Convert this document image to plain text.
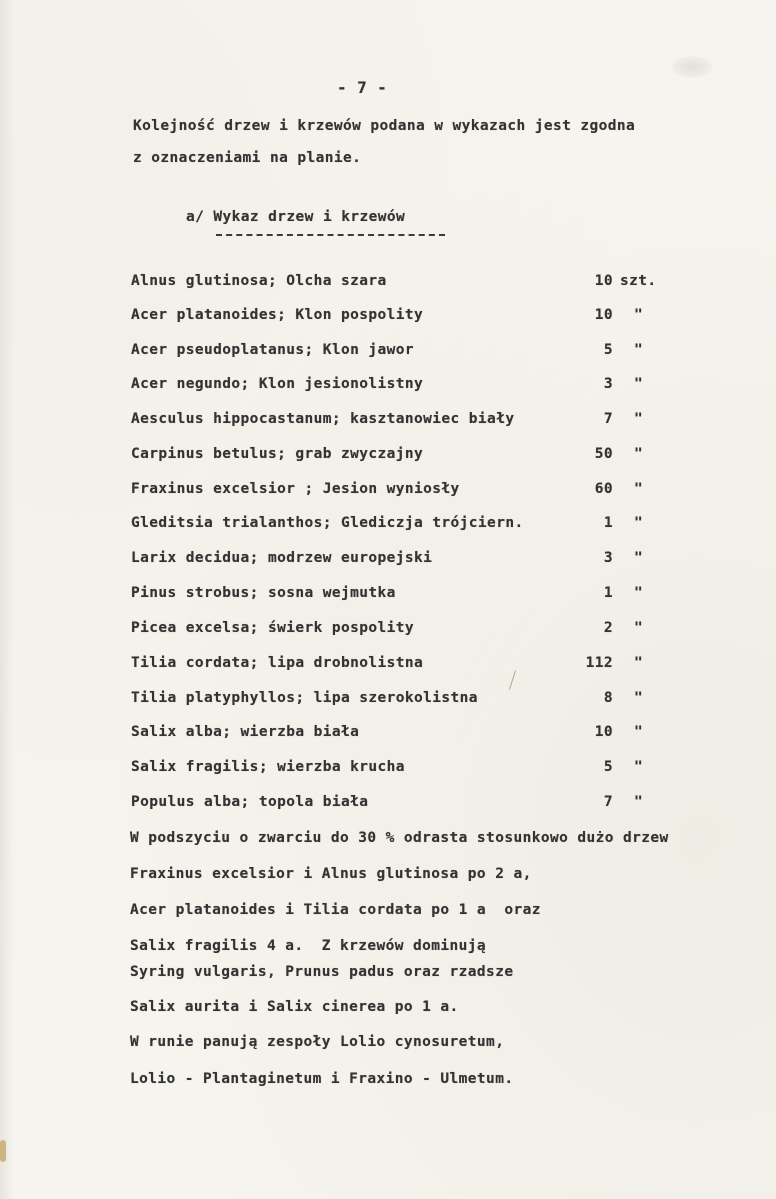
- 7 -
Kolejność drzew i krzewów podana w wykazach jest zgodna
z oznaczeniami na planie.
a/ Wykaz drzew i krzewów
Alnus glutinosa; Olcha szara	10 szt.
Acer platanoides; Klon pospolity	10 "
Acer pseudoplatanus; Klon jawor	5 "
Acer negundo; Klon jesionolistny	3 "
Aesculus hippocastanum; kasztanowiec biały	7 "
Carpinus betulus; grab zwyczajny	50 "
Fraxinus excelsior ; Jesion wyniosły	60 "
Gleditsia trialanthos; Glediczja trójciern.	1 "
Larix decidua; modrzew europejski	3 "
Pinus strobus; sosna wejmutka	1 "
Picea excelsa; świerk pospolity	2 "
Tilia cordata; lipa drobnolistna	112 "
Tilia platyphyllos; lipa szerokolistna	8 "
Salix alba; wierzba biała	10 "
Salix fragilis; wierzba krucha	5 "
Populus alba; topola biała	7 "
W podszyciu o zwarciu do 30 % odrasta stosunkowo dużo drzew
Fraxinus excelsior i Alnus glutinosa po 2 a,
Acer platanoides i Tilia cordata po 1 a  oraz
Salix fragilis 4 a.  Z krzewów dominują
Syring vulgaris, Prunus padus oraz rzadsze
Salix aurita i Salix cinerea po 1 a.
W runie panują zespoły Lolio cynosuretum,
Lolio - Plantaginetum i Fraxino - Ulmetum.
